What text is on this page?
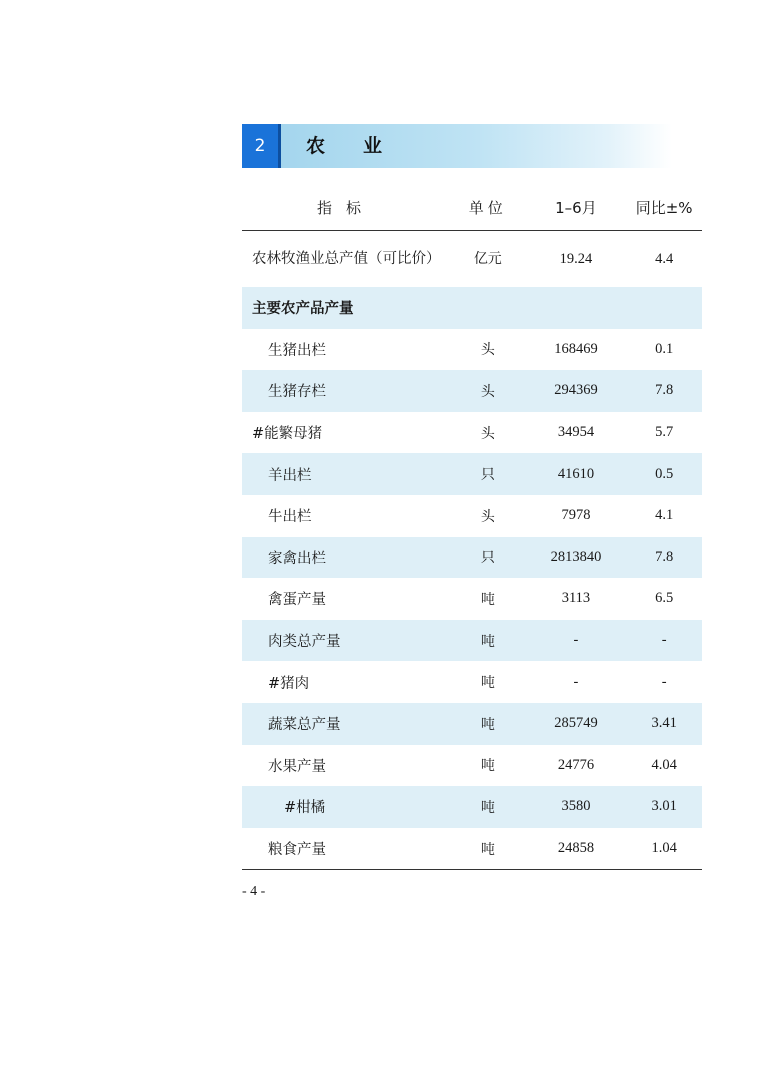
2	农业
指标	单位	1–6月	同比±%
农林牧渔业总产值（可比价）	亿元	19.24	4.4
主要农产品产量			
生猪出栏	头	168469	0.1
生猪存栏	头	294369	7.8
#能繁母猪	头	34954	5.7
羊出栏	只	41610	0.5
牛出栏	头	7978	4.1
家禽出栏	只	2813840	7.8
禽蛋产量	吨	3113	6.5
肉类总产量	吨	-	-
#猪肉	吨	-	-
蔬菜总产量	吨	285749	3.41
水果产量	吨	24776	4.04
#柑橘	吨	3580	3.01
粮食产量	吨	24858	1.04
- 4 -
